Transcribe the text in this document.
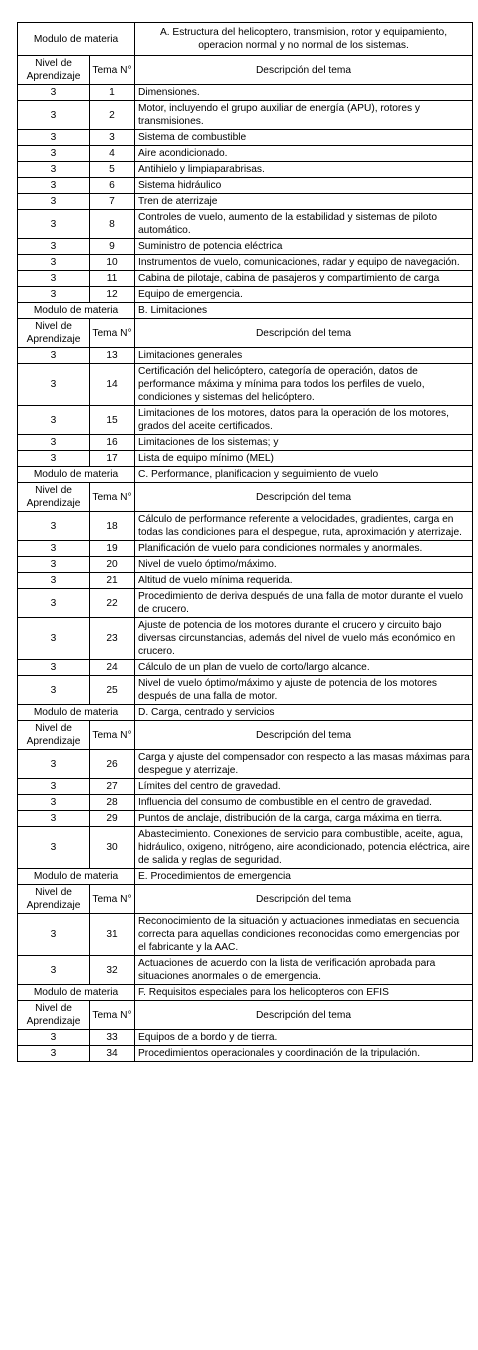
Modulo de materia		A. Estructura del helicoptero, transmision, rotor y equipamiento, operacion normal y no normal de los sistemas.
Nivel de Aprendizaje	Tema N°	Descripción del tema
3	1	Dimensiones.
3	2	Motor, incluyendo el grupo auxiliar de energía (APU), rotores y transmisiones.
3	3	Sistema de combustible
3	4	Aire acondicionado.
3	5	Antihielo y limpiaparabrisas.
3	6	Sistema hidráulico
3	7	Tren de aterrizaje
3	8	Controles de vuelo, aumento de la estabilidad y sistemas de piloto automático.
3	9	Suministro de potencia eléctrica
3	10	Instrumentos de vuelo, comunicaciones, radar y equipo de navegación.
3	11	Cabina de pilotaje, cabina de pasajeros y compartimiento de carga
3	12	Equipo de emergencia.
Modulo de materia		B. Limitaciones
Nivel de Aprendizaje	Tema N°	Descripción del tema
3	13	Limitaciones generales
3	14	Certificación del helicóptero, categoría de operación, datos de performance máxima y mínima para todos los perfiles de vuelo, condiciones y sistemas del helicóptero.
3	15	Limitaciones de los motores, datos para la operación de los motores, grados del aceite certificados.
3	16	Limitaciones de los sistemas; y
3	17	Lista de equipo mínimo (MEL)
Modulo de materia		C. Performance, planificacion y seguimiento de vuelo
Nivel de Aprendizaje	Tema N°	Descripción del tema
3	18	Cálculo de performance referente a velocidades, gradientes, carga en todas las condiciones para el despegue, ruta, aproximación y aterrizaje.
3	19	Planificación de vuelo para condiciones normales y anormales.
3	20	Nivel de vuelo óptimo/máximo.
3	21	Altitud de vuelo mínima requerida.
3	22	Procedimiento de deriva después de una falla de motor durante el vuelo de crucero.
3	23	Ajuste de potencia de los motores durante el crucero y circuito bajo diversas circunstancias, además del nivel de vuelo más económico en crucero.
3	24	Cálculo de un plan de vuelo de corto/largo alcance.
3	25	Nivel de vuelo óptimo/máximo y ajuste de potencia de los motores después de una falla de motor.
Modulo de materia		D. Carga, centrado y servicios
Nivel de Aprendizaje	Tema N°	Descripción del tema
3	26	Carga y ajuste del compensador con respecto a las masas máximas para despegue y aterrizaje.
3	27	Límites del centro de gravedad.
3	28	Influencia del consumo de combustible en el centro de gravedad.
3	29	Puntos de anclaje, distribución de la carga, carga máxima en tierra.
3	30	Abastecimiento. Conexiones de servicio para combustible, aceite, agua, hidráulico, oxigeno, nitrógeno, aire acondicionado, potencia eléctrica, aire de salida y reglas de seguridad.
Modulo de materia		E. Procedimientos de emergencia
Nivel de Aprendizaje	Tema N°	Descripción del tema
3	31	Reconocimiento de la situación y actuaciones inmediatas en secuencia correcta para aquellas condiciones reconocidas como emergencias por el fabricante y la AAC.
3	32	Actuaciones de acuerdo con la lista de verificación aprobada para situaciones anormales o de emergencia.
Modulo de materia		F. Requisitos especiales para los helicopteros con EFIS
Nivel de Aprendizaje	Tema N°	Descripción del tema
3	33	Equipos de a bordo y de tierra.
3	34	Procedimientos operacionales y coordinación de la tripulación.
